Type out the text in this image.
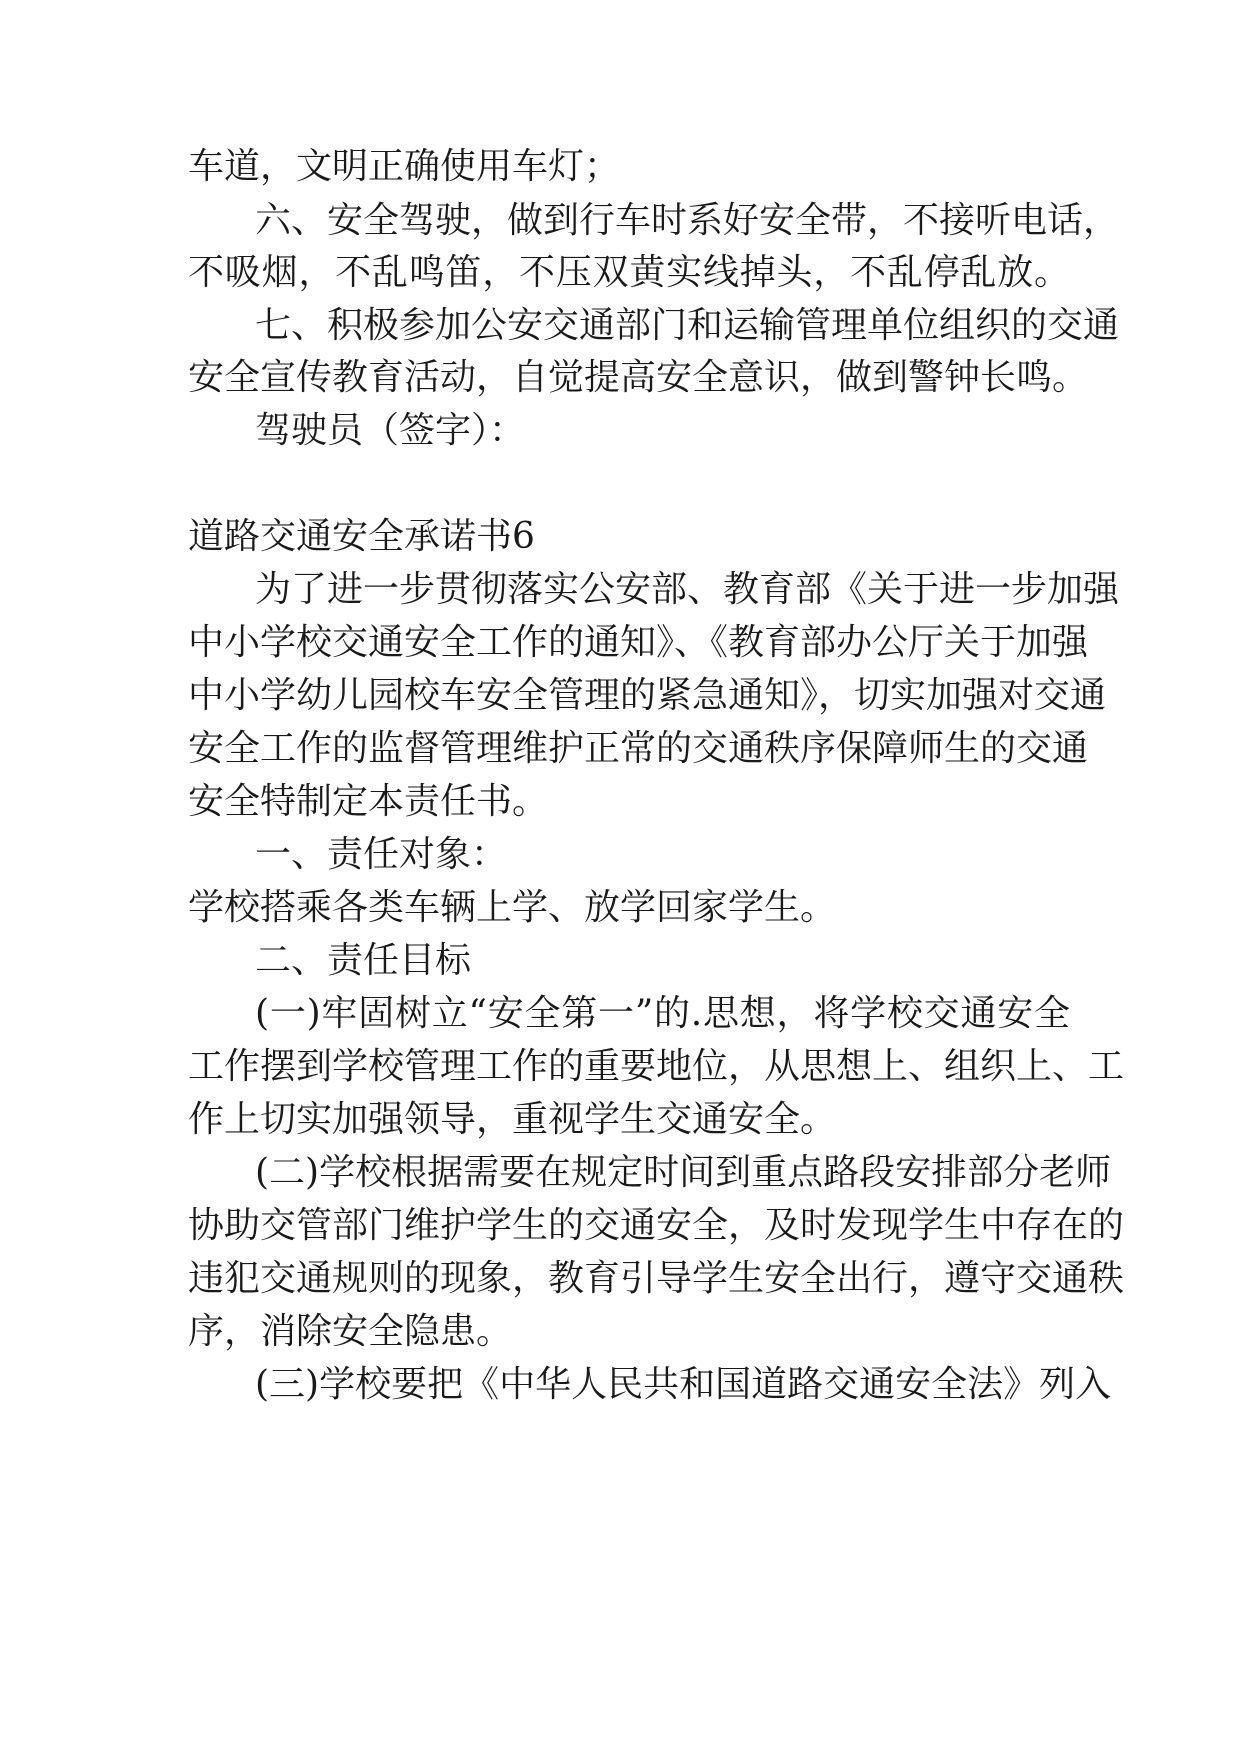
车道，文明正确使用车灯；
六、安全驾驶，做到行车时系好安全带，不接听电话，
不吸烟，不乱鸣笛，不压双黄实线掉头，不乱停乱放。
七、积极参加公安交通部门和运输管理单位组织的交通
安全宣传教育活动，自觉提高安全意识，做到警钟长鸣。
驾驶员（签字）：
道路交通安全承诺书6
为了进一步贯彻落实公安部、教育部《关于进一步加强
中小学校交通安全工作的通知》、《教育部办公厅关于加强
中小学幼儿园校车安全管理的紧急通知》，切实加强对交通
安全工作的监督管理维护正常的交通秩序保障师生的交通
安全特制定本责任书。
一、责任对象：
学校搭乘各类车辆上学、放学回家学生。
二、责任目标
(一)牢固树立“安全第一”的.思想，将学校交通安全
工作摆到学校管理工作的重要地位，从思想上、组织上、工
作上切实加强领导，重视学生交通安全。
(二)学校根据需要在规定时间到重点路段安排部分老师
协助交管部门维护学生的交通安全，及时发现学生中存在的
违犯交通规则的现象，教育引导学生安全出行，遵守交通秩
序，消除安全隐患。
(三)学校要把《中华人民共和国道路交通安全法》列入
